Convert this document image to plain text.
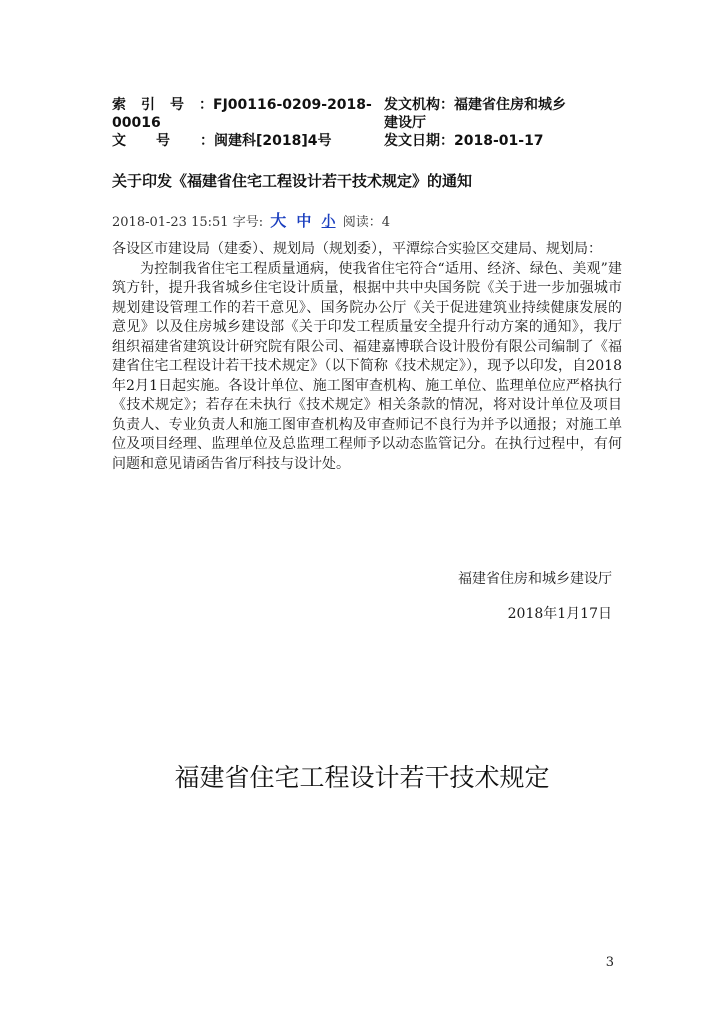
索引号：FJ00116-0209-2018- 发文机构：福建省住房和城乡
00016	建设厅
文号：闽建科[2018]4号	发文日期：2018-01-17
关于印发《福建省住宅工程设计若干技术规定》的通知
2018-01-23 15:51 字号: 大 中 小 阅读：4

各设区市建设局（建委）、规划局（规划委），平潭综合实验区交建局、规划局：

为控制我省住宅工程质量通病，使我省住宅符合“适用、经济、绿色、美观”建筑方针，提升我省城乡住宅设计质量，根据中共中央国务院《关于进一步加强城市规划建设管理工作的若干意见》、国务院办公厅《关于促进建筑业持续健康发展的意见》以及住房城乡建设部《关于印发工程质量安全提升行动方案的通知》，我厅组织福建省建筑设计研究院有限公司、福建嘉博联合设计股份有限公司编制了《福建省住宅工程设计若干技术规定》（以下简称《技术规定》），现予以印发，自2018年2月1日起实施。各设计单位、施工图审查机构、施工单位、监理单位应严格执行《技术规定》；若存在未执行《技术规定》相关条款的情况，将对设计单位及项目负责人、专业负责人和施工图审查机构及审查师记不良行为并予以通报；对施工单位及项目经理、监理单位及总监理工程师予以动态监管记分。在执行过程中，有何问题和意见请函告省厅科技与设计处。

福建省住房和城乡建设厅
2018年1月17日
福建省住宅工程设计若干技术规定
3
